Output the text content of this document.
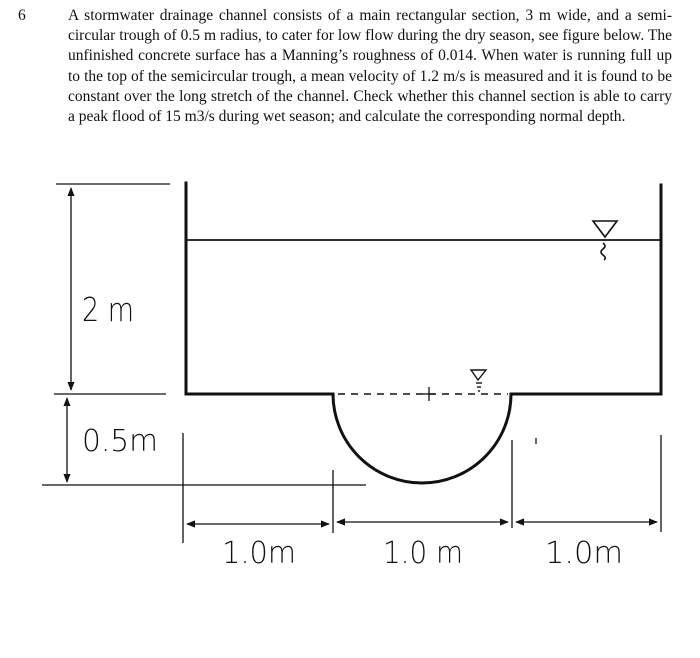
6	A stormwater drainage channel consists of a main rectangular section, 3 m wide, and a semi-circular trough of 0.5 m radius, to cater for low flow during the dry season, see figure below. The unfinished concrete surface has a Manning’s roughness of 0.014. When water is running full up to the top of the semicircular trough, a mean velocity of 1.2 m/s is measured and it is found to be constant over the long stretch of the channel. Check whether this channel section is able to carry a peak flood of 15 m3/s during wet season; and calculate the corresponding normal depth.

2 m
0.5m
1.0m	1.0 m	1.0m
